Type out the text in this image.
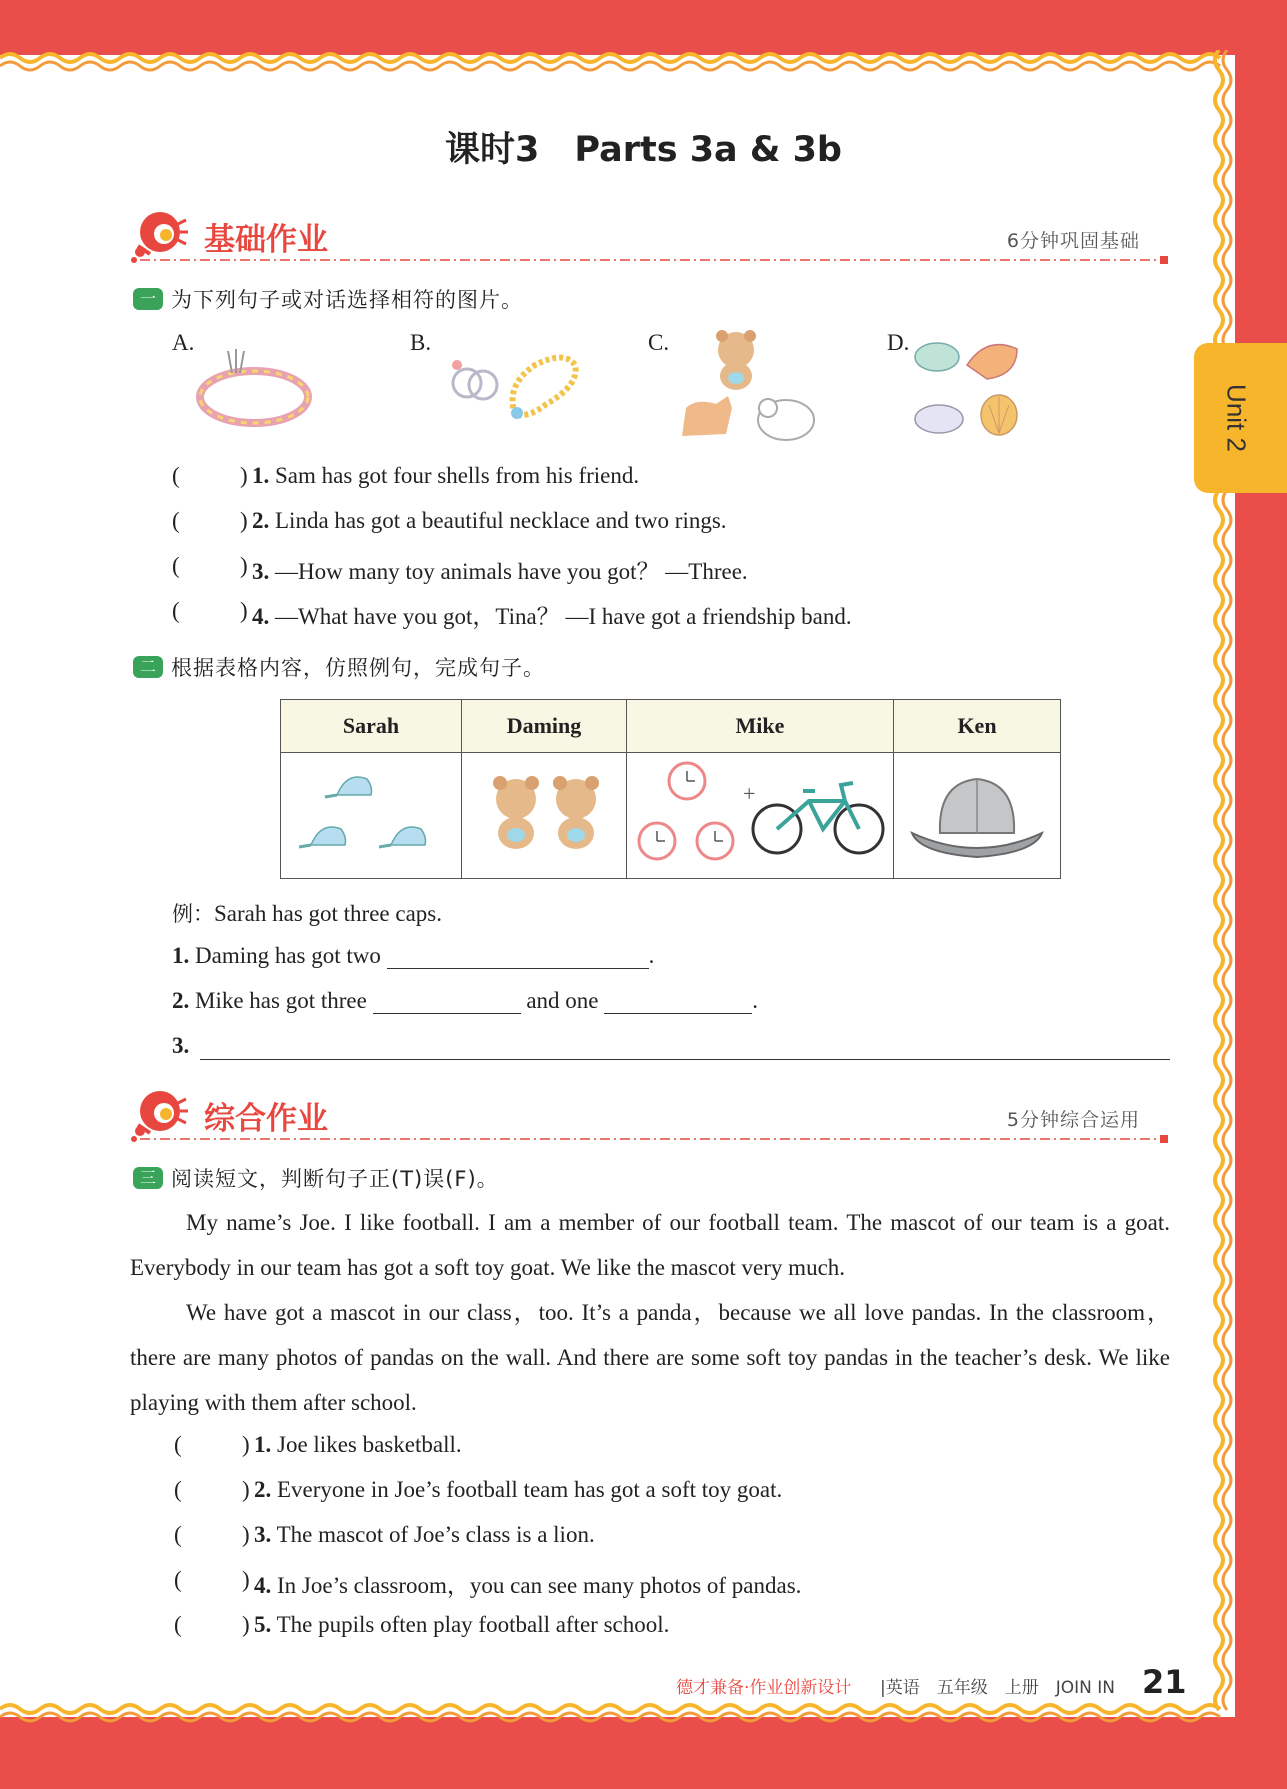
Unit 2
课时3　Parts 3a & 3b
基础作业	6分钟巩固基础
一 为下列句子或对话选择相符的图片。
A.	B.	C.	D.
(	) 1. Sam has got four shells from his friend.
(	) 2. Linda has got a beautiful necklace and two rings.
(	) 3. —How many toy animals have you got？ —Three.
(	) 4. —What have you got，Tina？ —I have got a friendship band.
二 根据表格内容，仿照例句，完成句子。
Sarah	Daming	Mike	Ken

+

例：Sarah has got three caps.
1. Daming has got two	.
2. Mike has got three	and one	.
3.
综合作业	5分钟综合运用
三 阅读短文，判断句子正(T)误(F)。

My name’s Joe. I like football. I am a member of our football team. The mascot of our team is a goat. Everybody in our team has got a soft toy goat. We like the mascot very much.

We have got a mascot in our class，too. It’s a panda，because we all love pandas. In the classroom，there are many photos of pandas on the wall. And there are some soft toy pandas in the teacher’s desk. We like playing with them after school.

(	) 1. Joe likes basketball.
(	) 2. Everyone in Joe’s football team has got a soft toy goat.
(	) 3. The mascot of Joe’s class is a lion.
(	) 4. In Joe’s classroom，you can see many photos of pandas.
(	) 5. The pupils often play football after school.
德才兼备·作业创新设计 |英语　五年级　上册　JOIN IN 21
